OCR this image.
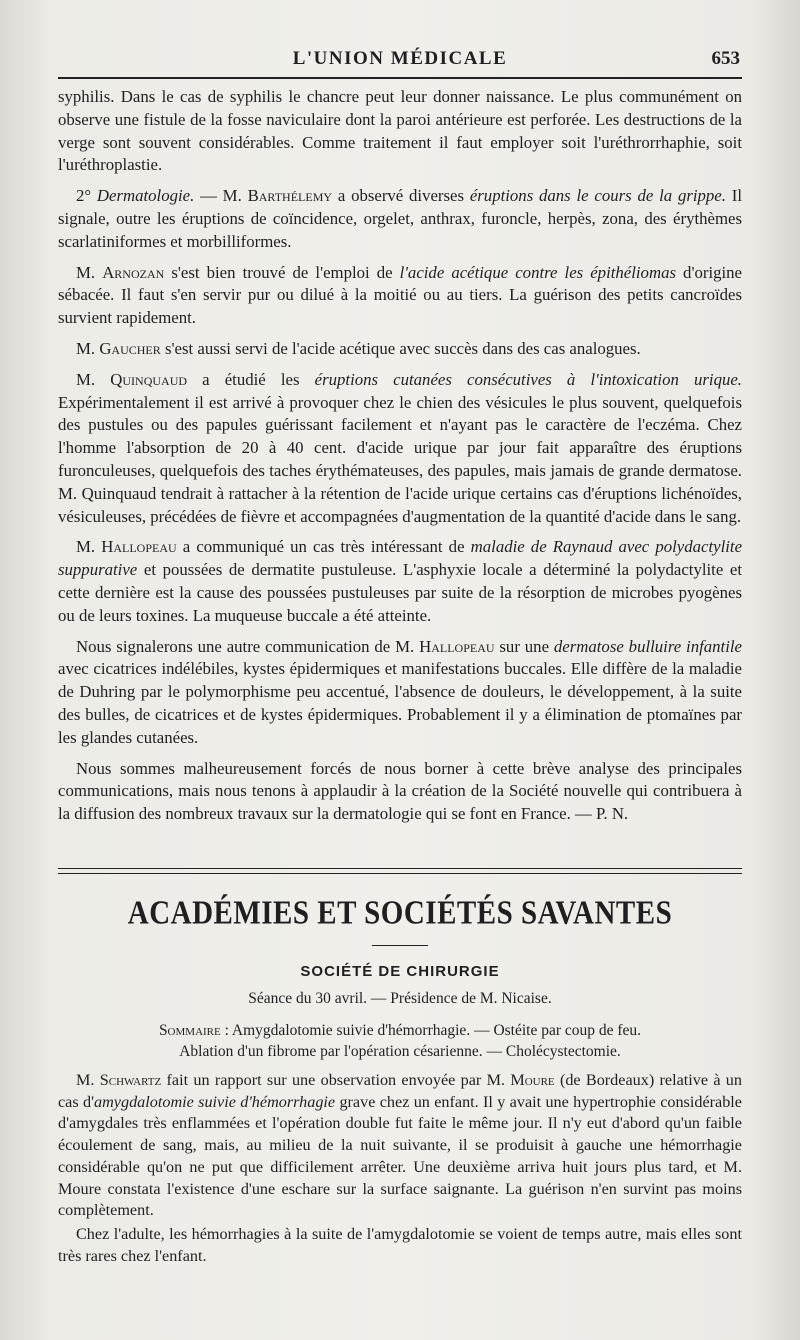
L'UNION MÉDICALE	653

syphilis. Dans le cas de syphilis le chancre peut leur donner naissance. Le plus communément on observe une fistule de la fosse naviculaire dont la paroi antérieure est perforée. Les destructions de la verge sont souvent considérables. Comme traitement il faut employer soit l'uréthrorrhaphie, soit l'uréthroplastie.

2° Dermatologie. — M. Barthélemy a observé diverses éruptions dans le cours de la grippe. Il signale, outre les éruptions de coïncidence, orgelet, anthrax, furoncle, herpès, zona, des érythèmes scarlatiniformes et morbilliformes.

M. Arnozan s'est bien trouvé de l'emploi de l'acide acétique contre les épithéliomas d'origine sébacée. Il faut s'en servir pur ou dilué à la moitié ou au tiers. La guérison des petits cancroïdes survient rapidement.

M. Gaucher s'est aussi servi de l'acide acétique avec succès dans des cas analogues.

M. Quinquaud a étudié les éruptions cutanées consécutives à l'intoxication urique. Expérimentalement il est arrivé à provoquer chez le chien des vésicules le plus souvent, quelquefois des pustules ou des papules guérissant facilement et n'ayant pas le caractère de l'eczéma. Chez l'homme l'absorption de 20 à 40 cent. d'acide urique par jour fait apparaître des éruptions furonculeuses, quelquefois des taches érythémateuses, des papules, mais jamais de grande dermatose. M. Quinquaud tendrait à rattacher à la rétention de l'acide urique certains cas d'éruptions lichénoïdes, vésiculeuses, précédées de fièvre et accompagnées d'augmentation de la quantité d'acide dans le sang.

M. Hallopeau a communiqué un cas très intéressant de maladie de Raynaud avec polydactylite suppurative et poussées de dermatite pustuleuse. L'asphyxie locale a déterminé la polydactylite et cette dernière est la cause des poussées pustuleuses par suite de la résorption de microbes pyogènes ou de leurs toxines. La muqueuse buccale a été atteinte.

Nous signalerons une autre communication de M. Hallopeau sur une dermatose bulluire infantile avec cicatrices indélébiles, kystes épidermiques et manifestations buccales. Elle diffère de la maladie de Duhring par le polymorphisme peu accentué, l'absence de douleurs, le développement, à la suite des bulles, de cicatrices et de kystes épidermiques. Probablement il y a élimination de ptomaïnes par les glandes cutanées.

Nous sommes malheureusement forcés de nous borner à cette brève analyse des principales communications, mais nous tenons à applaudir à la création de la Société nouvelle qui contribuera à la diffusion des nombreux travaux sur la dermatologie qui se font en France. — P. N.

ACADÉMIES ET SOCIÉTÉS SAVANTES
SOCIÉTÉ DE CHIRURGIE
Séance du 30 avril. — Présidence de M. Nicaise.
Sommaire : Amygdalotomie suivie d'hémorrhagie. — Ostéite par coup de feu.
Ablation d'un fibrome par l'opération césarienne. — Cholécystectomie.

M. Schwartz fait un rapport sur une observation envoyée par M. Moure (de Bordeaux) relative à un cas d'amygdalotomie suivie d'hémorrhagie grave chez un enfant. Il y avait une hypertrophie considérable d'amygdales très enflammées et l'opération double fut faite le même jour. Il n'y eut d'abord qu'un faible écoulement de sang, mais, au milieu de la nuit suivante, il se produisit à gauche une hémorrhagie considérable qu'on ne put que difficilement arrêter. Une deuxième arriva huit jours plus tard, et M. Moure constata l'existence d'une eschare sur la surface saignante. La guérison n'en survint pas moins complètement.

Chez l'adulte, les hémorrhagies à la suite de l'amygdalotomie se voient de temps autre, mais elles sont très rares chez l'enfant.
